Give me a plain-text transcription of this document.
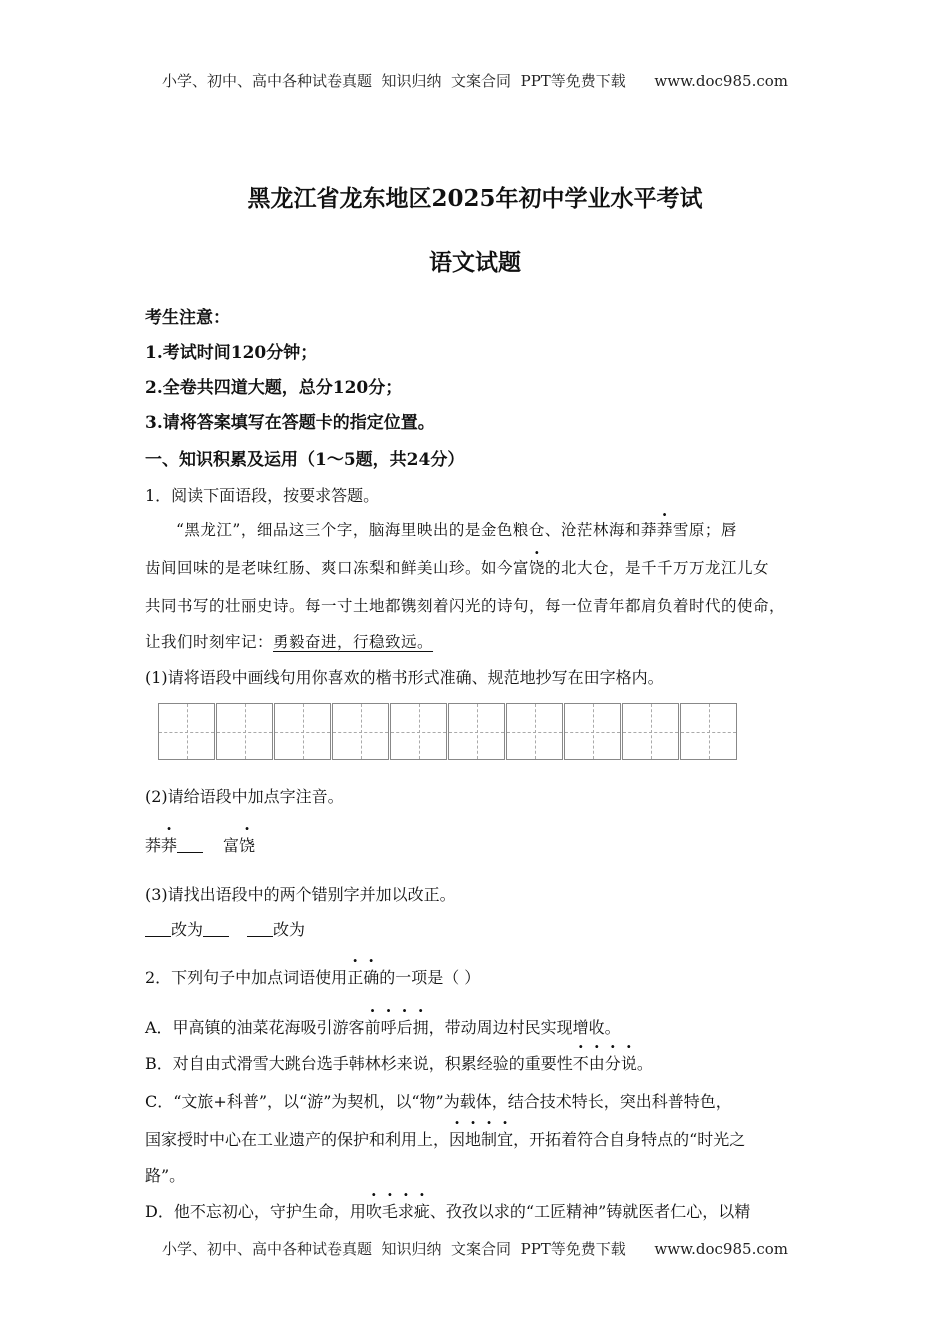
小学、初中、高中各种试卷真题  知识归纳  文案合同  PPT等免费下载      www.doc985.com
黑龙江省龙东地区2025年初中学业水平考试
语文试题
考生注意：
1.考试时间120分钟；
2.全卷共四道大题，总分120分；
3.请将答案填写在答题卡的指定位置。
一、知识积累及运用（1～5题，共24分）
1．阅读下面语段，按要求答题。
“黑龙江”，细品这三个字，脑海里映出的是金色粮仓、沧茫林海和莽莽雪原；唇
齿间回味的是老味红肠、爽口冻梨和鲜美山珍。如今富饶的北大仓，是千千万万龙江儿女
共同书写的壮丽史诗。每一寸土地都镌刻着闪光的诗句，每一位青年都肩负着时代的使命，
让我们时刻牢记：勇毅奋进，行稳致远。
(1)请将语段中画线句用你喜欢的楷书形式准确、规范地抄写在田字格内。
(2)请给语段中加点字注音。
莽莽	富饶
(3)请找出语段中的两个错别字并加以改正。
改为	改为
2．下列句子中加点词语使用正确的一项是（ ）
A．甲高镇的油菜花海吸引游客前呼后拥，带动周边村民实现增收。
B．对自由式滑雪大跳台选手韩林杉来说，积累经验的重要性不由分说。
C．“文旅+科普”，以“游”为契机，以“物”为载体，结合技术特长，突出科普特色，
国家授时中心在工业遗产的保护和利用上，因地制宜，开拓着符合自身特点的“时光之
路”。
D．他不忘初心，守护生命，用吹毛求疵、孜孜以求的“工匠精神”铸就医者仁心，以精
小学、初中、高中各种试卷真题  知识归纳  文案合同  PPT等免费下载      www.doc985.com
